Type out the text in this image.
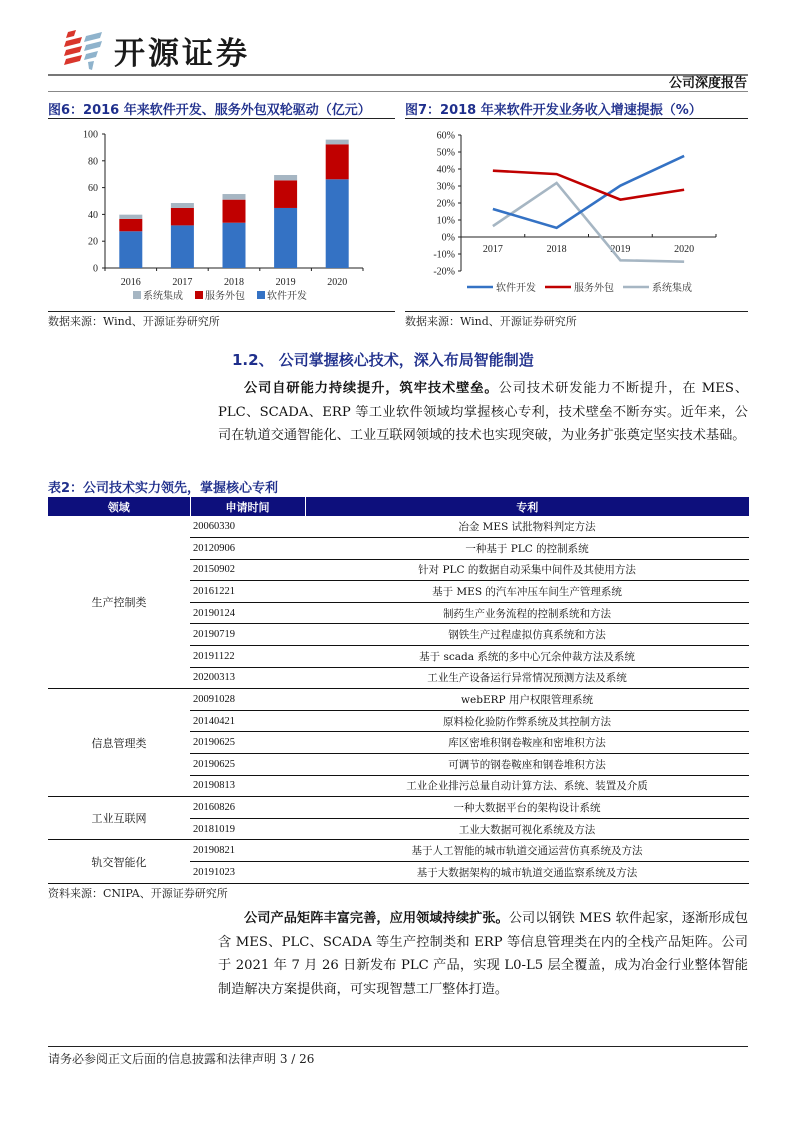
开源证券
公司深度报告
图6：2016 年来软件开发、服务外包双轮驱动（亿元）
0
20
40
60
80
100
2016	2017	2018	2019	2020
系统集成 服务外包 软件开发
数据来源：Wind、开源证券研究所
图7：2018 年来软件开发业务收入增速提振（%）
-20%
-10%
0%
10%
20%
30%
40%
50%
60%
2017	2018	2019	2020
软件开发	服务外包	系统集成
数据来源：Wind、开源证券研究所
1.2、 公司掌握核心技术，深入布局智能制造
公司自研能力持续提升，筑牢技术壁垒。公司技术研发能力不断提升，在 MES、PLC、SCADA、ERP 等工业软件领域均掌握核心专利，技术壁垒不断夯实。近年来，公司在轨道交通智能化、工业互联网领域的技术也实现突破，为业务扩张奠定坚实技术基础。
表2：公司技术实力领先，掌握核心专利
领域	申请时间	专利
生产控制类	20060330	冶金 MES 试批物料判定方法
	20120906	一种基于 PLC 的控制系统
	20150902	针对 PLC 的数据自动采集中间件及其使用方法
	20161221	基于 MES 的汽车冲压车间生产管理系统
	20190124	制药生产业务流程的控制系统和方法
	20190719	钢铁生产过程虚拟仿真系统和方法
	20191122	基于 scada 系统的多中心冗余仲裁方法及系统
	20200313	工业生产设备运行异常情况预测方法及系统
信息管理类	20091028	webERP 用户权限管理系统
	20140421	原料检化验防作弊系统及其控制方法
	20190625	库区密堆积钢卷鞍座和密堆积方法
	20190625	可调节的钢卷鞍座和钢卷堆积方法
	20190813	工业企业排污总量自动计算方法、系统、装置及介质
工业互联网	20160826	一种大数据平台的架构设计系统
	20181019	工业大数据可视化系统及方法
轨交智能化	20190821	基于人工智能的城市轨道交通运营仿真系统及方法
	20191023	基于大数据架构的城市轨道交通监察系统及方法
资料来源：CNIPA、开源证券研究所
公司产品矩阵丰富完善，应用领域持续扩张。公司以钢铁 MES 软件起家，逐渐形成包含 MES、PLC、SCADA 等生产控制类和 ERP 等信息管理类在内的全栈产品矩阵。公司于 2021 年 7 月 26 日新发布 PLC 产品，实现 L0-L5 层全覆盖，成为冶金行业整体智能制造解决方案提供商，可实现智慧工厂整体打造。
请务必参阅正文后面的信息披露和法律声明 3 / 26
